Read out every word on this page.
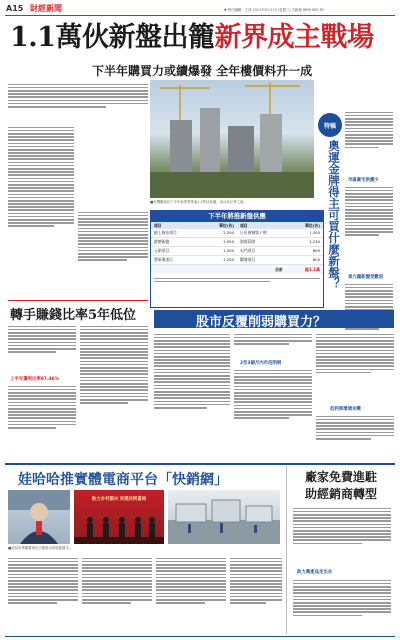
A15 財經新聞	▼ 責任編輯：王萍 2021年8月11日(星期三) 文匯報 WEN WEI PO
1.1萬伙新盤出籠新界成主戰場
下半年購買力或續爆發 全年樓價料升一成
■有機構預計下半年新界將推逾1.1萬伙新盤，成兵家必爭之地。
特稿
奧運金牌得主可買什麼新盤？ 市區豪宅供應少
東九龍新盤受歡迎
下半年將推新盤供應
項目	單位(伙)	項目	單位(伙)
錦上路站項目	2,200	日出康城第十期	1,300
啟德新盤	1,950	海茵莊園	1,230
元朗項目	1,500	屯門項目	600
將軍澳項目	1,200	觀塘項目	800
合計	逾1.1萬
轉手賺錢比率5年低位
上半年獲利比率97.46%
股市反覆削弱購買力？
2至3個月內市況明朗
低利率環境未變
娃哈哈推實體電商平台「快銷網」
助力乡村振兴 实现共同富裕
■娃哈哈集團董事長宗慶後出席啟動儀式。
廠家免費進駐
助經銷商轉型
助力農產品走出去
